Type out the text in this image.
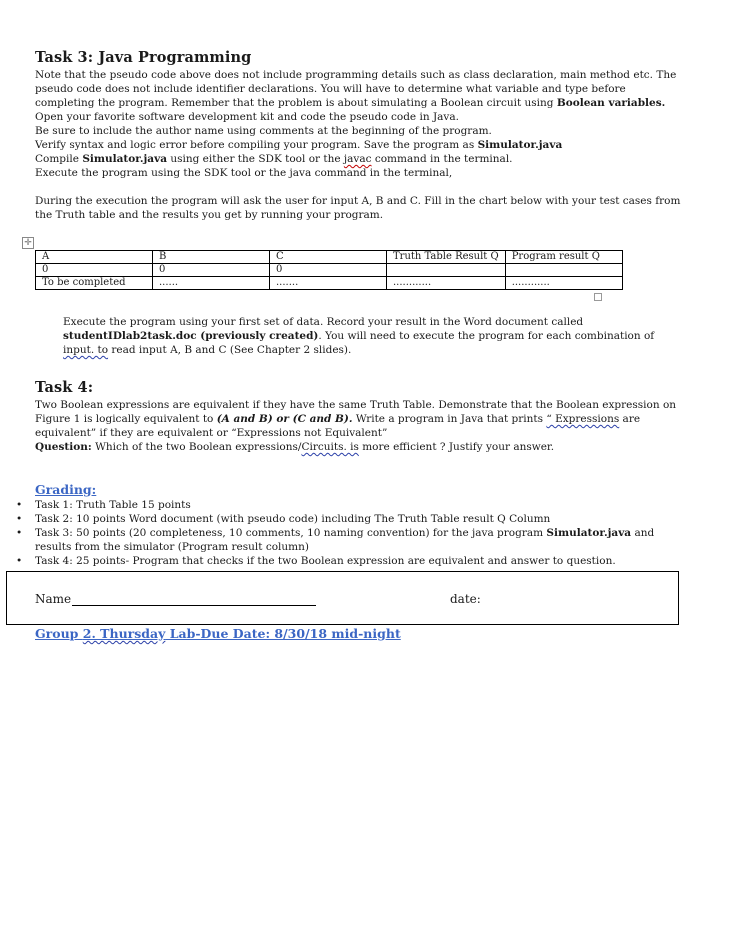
Task 3: Java Programming
Note that the pseudo code above does not include programming details such as class declaration, main method etc. The
pseudo code does not include identifier declarations. You will have to determine what variable and type before
completing the program. Remember that the problem is about simulating a Boolean circuit using Boolean variables.
Open your favorite software development kit and code the pseudo code in Java.
Be sure to include the author name using comments at the beginning of the program.
Verify syntax and logic error before compiling your program. Save the program as Simulator.java
Compile Simulator.java using either the SDK tool or the javac command in the terminal.
Execute the program using the SDK tool or the java command in the terminal,
During the execution the program will ask the user for input A, B and C. Fill in the chart below with your test cases from
the Truth table and the results you get by running your program.
✛
A	B	C	Truth Table Result Q	Program result Q
0	0	0		
To be completed	......	.......	............	............
Execute the program using your first set of data. Record your result in the Word document called
studentIDlab2task.doc (previously created). You will need to execute the program for each combination of
input. to read input A, B and C (See Chapter 2 slides).
Task 4:
Two Boolean expressions are equivalent if they have the same Truth Table. Demonstrate that the Boolean expression on
Figure 1 is logically equivalent to (A and B) or (C and B). Write a program in Java that prints “ Expressions are
equivalent” if they are equivalent or “Expressions not Equivalent”
Question: Which of the two Boolean expressions/Circuits. is more efficient ? Justify your answer.
Grading:
• Task 1: Truth Table 15 points
• Task 2: 10 points Word document (with pseudo code) including The Truth Table result Q Column
• Task 3: 50 points (20 completeness, 10 comments, 10 naming convention) for the java program Simulator.java and
results from the simulator (Program result column)
• Task 4: 25 points- Program that checks if the two Boolean expression are equivalent and answer to question.
Name	date:
Group 2. Thursday Lab-Due Date: 8/30/18 mid-night
